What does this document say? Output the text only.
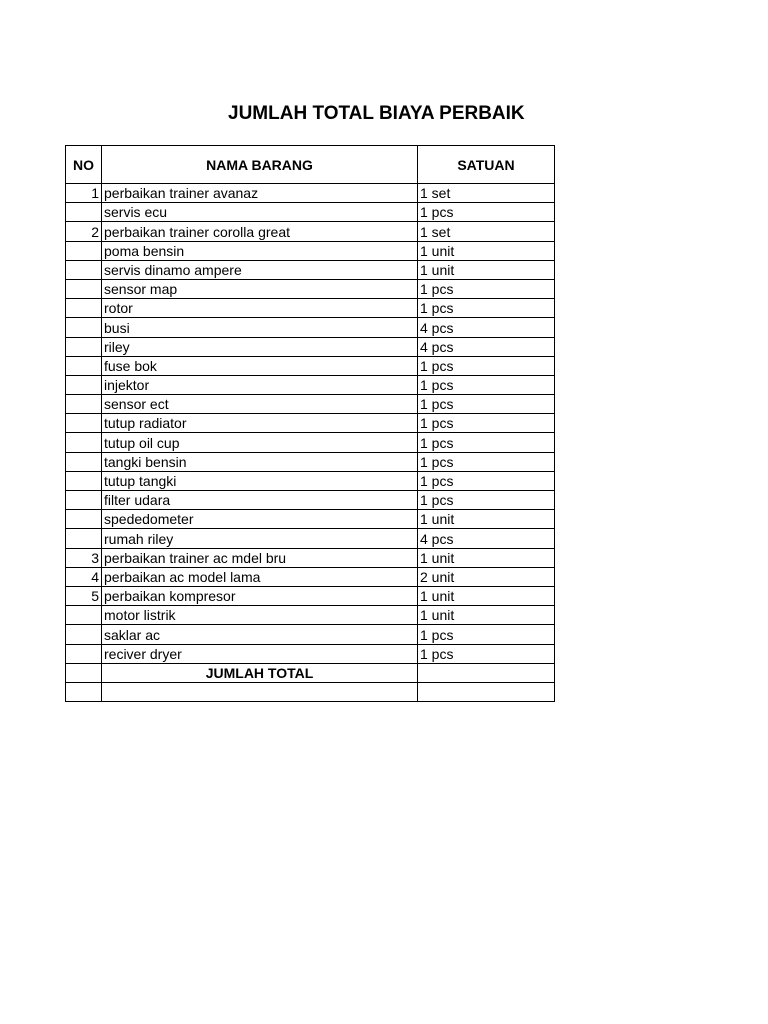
JUMLAH TOTAL BIAYA PERBAIK
NO	NAMA BARANG	SATUAN
1	perbaikan trainer avanaz	1 set
	servis ecu	1 pcs
2	perbaikan trainer corolla great	1 set
	poma bensin	1 unit
	servis dinamo ampere	1 unit
	sensor map	1 pcs
	rotor	1 pcs
	busi	4 pcs
	riley	4 pcs
	fuse bok	1 pcs
	injektor	1 pcs
	sensor ect	1 pcs
	tutup radiator	1 pcs
	tutup oil cup	1 pcs
	tangki bensin	1 pcs
	tutup tangki	1 pcs
	filter udara	1 pcs
	spededometer	1 unit
	rumah riley	4 pcs
3	perbaikan trainer ac mdel bru	1 unit
4	perbaikan ac model lama	2 unit
5	perbaikan kompresor	1 unit
	motor listrik	1 unit
	saklar ac	1 pcs
	reciver dryer	1 pcs
	JUMLAH TOTAL	
